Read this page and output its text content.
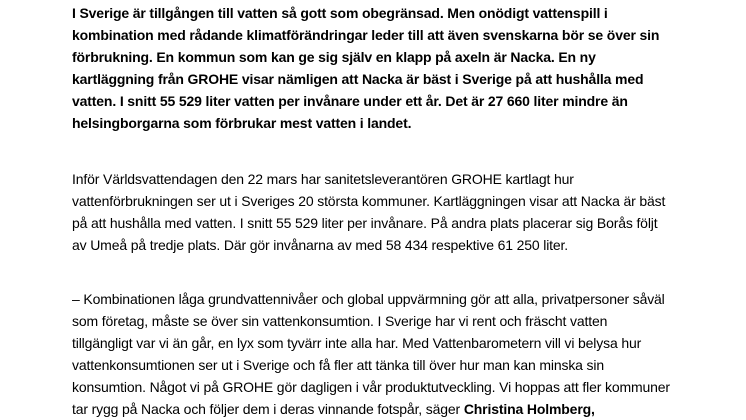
I Sverige är tillgången till vatten så gott som obegränsad. Men onödigt vattenspill i
kombination med rådande klimatförändringar leder till att även svenskarna bör se över sin
förbrukning. En kommun som kan ge sig själv en klapp på axeln är Nacka. En ny
kartläggning från GROHE visar nämligen att Nacka är bäst i Sverige på att hushålla med
vatten. I snitt 55 529 liter vatten per invånare under ett år. Det är 27 660 liter mindre än
helsingborgarna som förbrukar mest vatten i landet.

Inför Världsvattendagen den 22 mars har sanitetsleverantören GROHE kartlagt hur
vattenförbrukningen ser ut i Sveriges 20 största kommuner. Kartläggningen visar att Nacka är bäst
på att hushålla med vatten. I snitt 55 529 liter per invånare. På andra plats placerar sig Borås följt
av Umeå på tredje plats. Där gör invånarna av med 58 434 respektive 61 250 liter.

– Kombinationen låga grundvattennivåer och global uppvärmning gör att alla, privatpersoner såväl
som företag, måste se över sin vattenkonsumtion. I Sverige har vi rent och fräscht vatten
tillgängligt var vi än går, en lyx som tyvärr inte alla har. Med Vattenbarometern vill vi belysa hur
vattenkonsumtionen ser ut i Sverige och få fler att tänka till över hur man kan minska sin
konsumtion. Något vi på GROHE gör dagligen i vår produktutveckling. Vi hoppas att fler kommuner
tar rygg på Nacka och följer dem i deras vinnande fotspår, säger Christina Holmberg,
